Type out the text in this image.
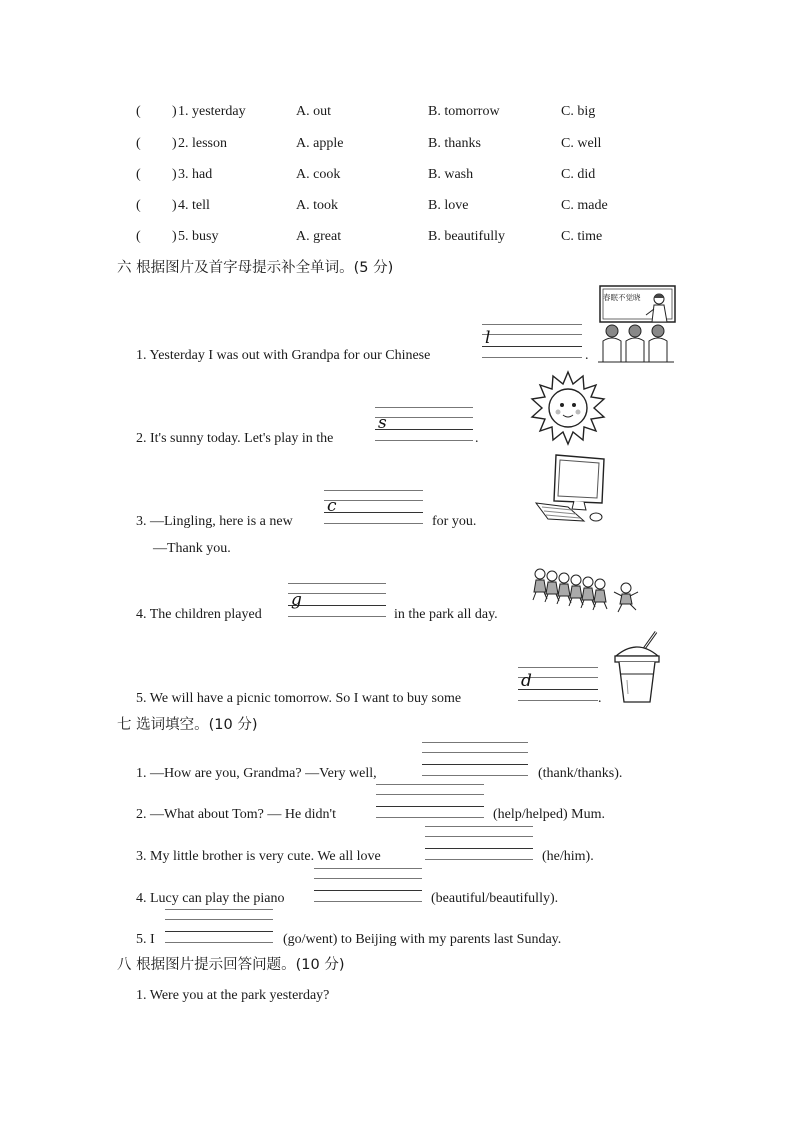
( ) 1. yesterday	A. out	B. tomorrow	C. big
( ) 2. lesson	A. apple	B. thanks	C. well
( ) 3. had	A. cook	B. wash	C. did
( ) 4. tell	A. took	B. love	C. made
( ) 5. busy	A. great	B. beautifully	C. time
六 根据图片及首字母提示补全单词。(5 分)
1. Yesterday I was out with Grandpa for our Chinese
l
.
春眠不觉晓
2. It's sunny today. Let's play in the
s
.
3. —Lingling, here is a new
c
for you.
—Thank you.
4. The children played
g
in the park all day.
5. We will have a picnic tomorrow. So I want to buy some
d
.
七 选词填空。(10 分)
1. —How are you, Grandma? —Very well,	(thank/thanks).
2. —What about Tom? — He didn't	(help/helped) Mum.
3. My little brother is very cute. We all love	(he/him).
4. Lucy can play the piano	(beautiful/beautifully).
5. I	(go/went) to Beijing with my parents last Sunday.
八 根据图片提示回答问题。(10 分)
1. Were you at the park yesterday?
